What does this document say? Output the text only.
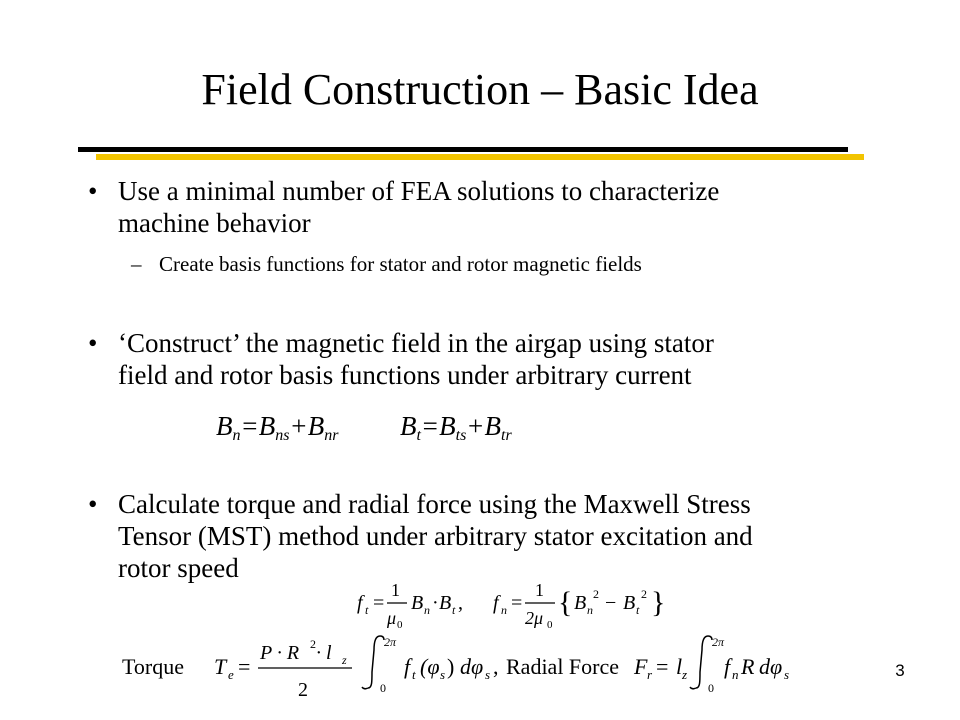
Field Construction – Basic Idea
• Use a minimal number of FEA solutions to characterize
machine behavior
– Create basis functions for stator and rotor magnetic fields
• ‘Construct’ the magnetic field in the airgap using stator
field and rotor basis functions under arbitrary current
$B_n=B_{ns}+B_{nr}$ $B_t=B_{ts}+B_{tr}$
• Calculate torque and radial force using the Maxwell Stress
Tensor (MST) method under arbitrary stator excitation and
rotor speed
f t =
1
μ 0
B n · B t , f n =
1
2μ 0
{ B n
2 − B t
2 }
Torque T e =
P · R 2 · l z
2
2π
0
f t (φ s ) dφ s , Radial Force F r = l z
2π
0
f n R dφ s	3
